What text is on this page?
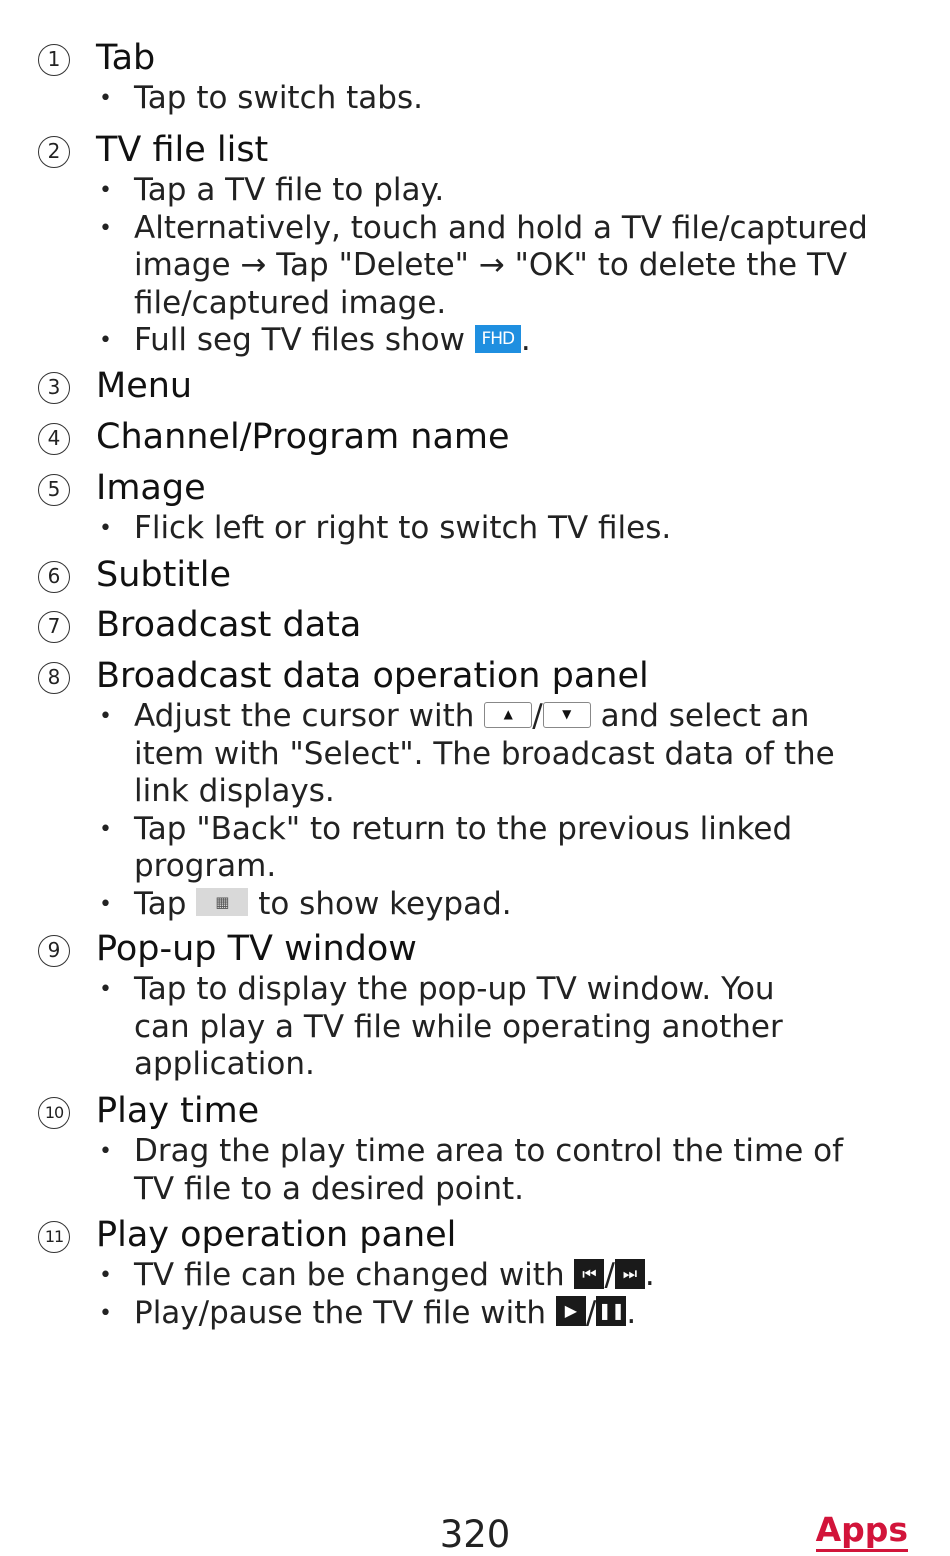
1 Tab
• Tap to switch tabs.
2 TV file list
• Tap a TV file to play.
• Alternatively, touch and hold a TV file/captured
image → Tap "Delete" → "OK" to delete the TV
file/captured image.
• Full seg TV files show FHD .
3 Menu
4 Channel/Program name
5 Image
• Flick left or right to switch TV files.
6 Subtitle
7 Broadcast data
8 Broadcast data operation panel
• Adjust the cursor with ▲ / ▼ and select an
item with "Select". The broadcast data of the
link displays.
• Tap "Back" to return to the previous linked
program.
• Tap ▦ to show keypad.
9 Pop-up TV window
• Tap to display the pop-up TV window. You
can play a TV file while operating another
application.
10 Play time
• Drag the play time area to control the time of
TV file to a desired point.
11 Play operation panel
• TV file can be changed with ⏮ / ⏭ .
• Play/pause the TV file with ▶ /❚❚.
320	Apps
